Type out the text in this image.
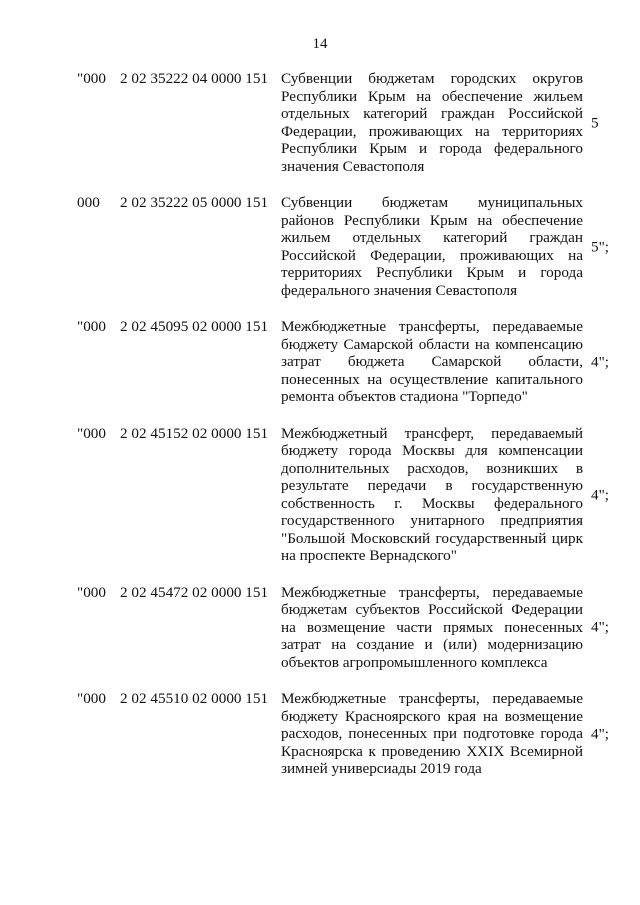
14
"000 2 02 35222 04 0000 151 Субвенции бюджетам городских округов Республики Крым на обеспечение жильем отдельных категорий граждан Российской Федерации, проживающих на территориях Республики Крым и города федерального значения Севастополя
5
000 2 02 35222 05 0000 151 Субвенции бюджетам муниципальных районов Республики Крым на обеспечение жильем отдельных категорий граждан Российской Федерации, проживающих на территориях Республики Крым и города федерального значения Севастополя
5";
"000 2 02 45095 02 0000 151 Межбюджетные трансферты, передаваемые бюджету Самарской области на компенсацию затрат бюджета Самарской области, понесенных на осуществление капитального ремонта объектов стадиона "Торпедо"
4";
"000 2 02 45152 02 0000 151 Межбюджетный трансферт, передаваемый бюджету города Москвы для компенсации дополнительных расходов, возникших в результате передачи в государственную собственность г. Москвы федерального государственного унитарного предприятия "Большой Московский государственный цирк на проспекте Вернадского"
4";
"000 2 02 45472 02 0000 151 Межбюджетные трансферты, передаваемые бюджетам субъектов Российской Федерации на возмещение части прямых понесенных затрат на создание и (или) модернизацию объектов агропромышленного комплекса
4";
"000 2 02 45510 02 0000 151 Межбюджетные трансферты, передаваемые бюджету Красноярского края на возмещение расходов, понесенных при подготовке города Красноярска к проведению XXIX Всемирной зимней универсиады 2019 года
4";
